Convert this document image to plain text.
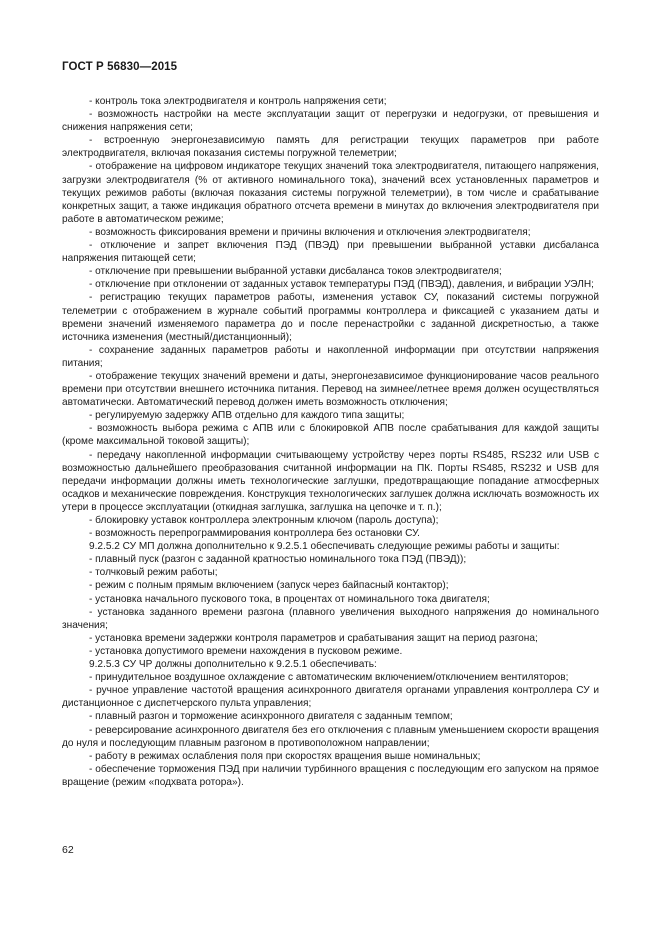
ГОСТ Р 56830—2015

- контроль тока электродвигателя и контроль напряжения сети;

- возможность настройки на месте эксплуатации защит от перегрузки и недогрузки, от превышения и снижения напряжения сети;

- встроенную энергонезависимую память для регистрации текущих параметров при работе электродвигателя, включая показания системы погружной телеметрии;

- отображение на цифровом индикаторе текущих значений тока электродвигателя, питающего напряжения, загрузки электродвигателя (% от активного номинального тока), значений всех установленных параметров и текущих режимов работы (включая показания системы погружной телеметрии), в том числе и срабатывание конкретных защит, а также индикация обратного отсчета времени в минутах до включения электродвигателя при работе в автоматическом режиме;

- возможность фиксирования времени и причины включения и отключения электродвигателя;

- отключение и запрет включения ПЭД (ПВЭД) при превышении выбранной уставки дисбаланса напряжения питающей сети;

- отключение при превышении выбранной уставки дисбаланса токов электродвигателя;

- отключение при отклонении от заданных уставок температуры ПЭД (ПВЭД), давления, и вибрации УЭЛН;

- регистрацию текущих параметров работы, изменения уставок СУ, показаний системы погружной телеметрии с отображением в журнале событий программы контроллера и фиксацией с указанием даты и времени значений изменяемого параметра до и после перенастройки с заданной дискретностью, а также источника изменения (местный/дистанционный);

- сохранение заданных параметров работы и накопленной информации при отсутствии напряжения питания;

- отображение текущих значений времени и даты, энергонезависимое функционирование часов реального времени при отсутствии внешнего источника питания. Перевод на зимнее/летнее время должен осуществляться автоматически. Автоматический перевод должен иметь возможность отключения;

- регулируемую задержку АПВ отдельно для каждого типа защиты;

- возможность выбора режима с АПВ или с блокировкой АПВ после срабатывания для каждой защиты (кроме максимальной токовой защиты);

- передачу накопленной информации считывающему устройству через порты RS485, RS232 или USB с возможностью дальнейшего преобразования считанной информации на ПК. Порты RS485, RS232 и USB для передачи информации должны иметь технологические заглушки, предотвращающие попадание атмосферных осадков и механические повреждения. Конструкция технологических заглушек должна исключать возможность их утери в процессе эксплуатации (откидная заглушка, заглушка на цепочке и т. п.);

- блокировку уставок контроллера электронным ключом (пароль доступа);

- возможность перепрограммирования контроллера без остановки СУ.

9.2.5.2 СУ МП должна дополнительно к 9.2.5.1 обеспечивать следующие режимы работы и защиты:

- плавный пуск (разгон с заданной кратностью номинального тока ПЭД (ПВЭД));

- толчковый режим работы;

- режим с полным прямым включением (запуск через байпасный контактор);

- установка начального пускового тока, в процентах от номинального тока двигателя;

- установка заданного времени разгона (плавного увеличения выходного напряжения до номинального значения;

- установка времени задержки контроля параметров и срабатывания защит на период разгона;

- установка допустимого времени нахождения в пусковом режиме.

9.2.5.3 СУ ЧР должны дополнительно к 9.2.5.1 обеспечивать:

- принудительное воздушное охлаждение с автоматическим включением/отключением вентиляторов;

- ручное управление частотой вращения асинхронного двигателя органами управления контроллера СУ и дистанционное с диспетчерского пульта управления;

- плавный разгон и торможение асинхронного двигателя с заданным темпом;

- реверсирование асинхронного двигателя без его отключения с плавным уменьшением скорости вращения до нуля и последующим плавным разгоном в противоположном направлении;

- работу в режимах ослабления поля при скоростях вращения выше номинальных;

- обеспечение торможения ПЭД при наличии турбинного вращения с последующим его запуском на прямое вращение (режим «подхвата ротора»).

62
